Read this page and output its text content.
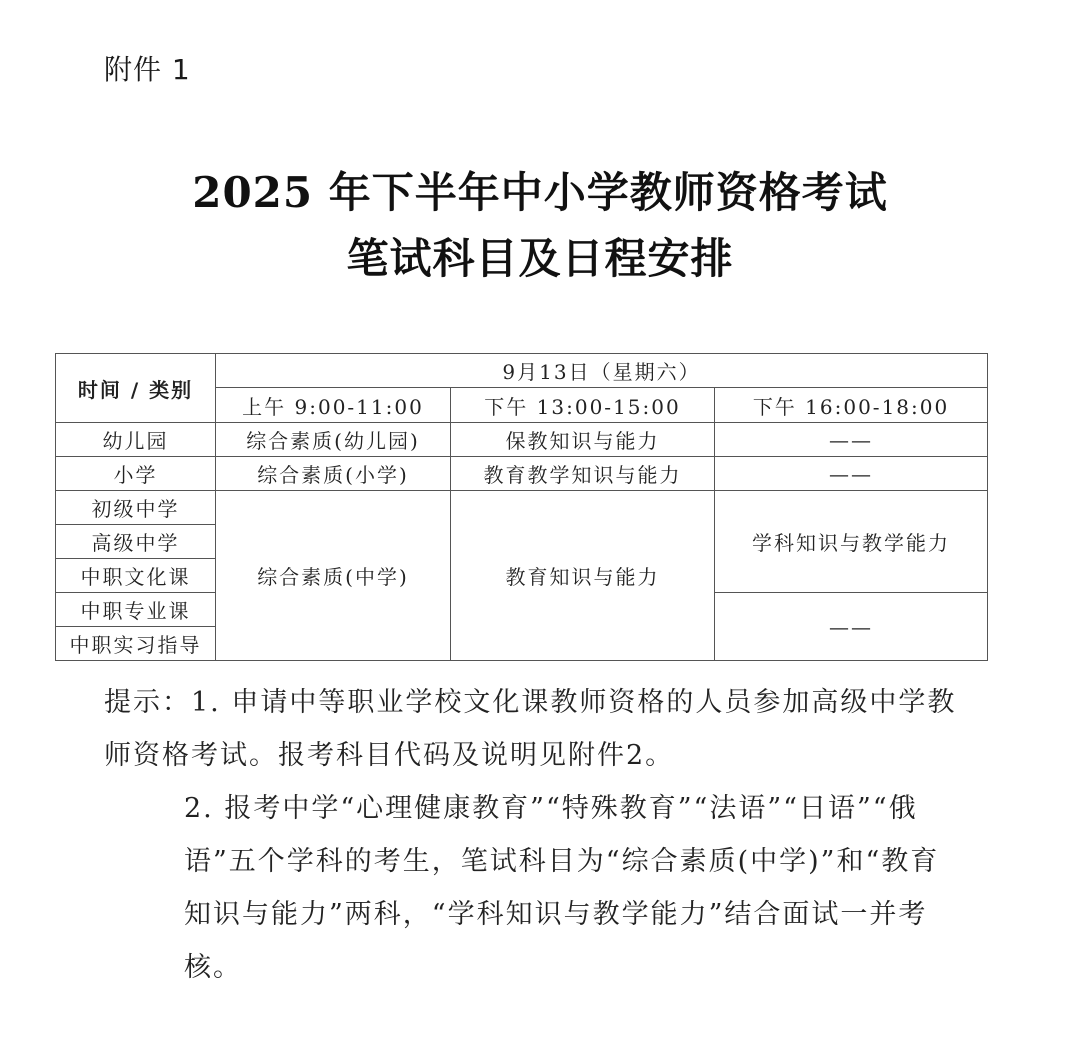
附件 1
2025 年下半年中小学教师资格考试
笔试科目及日程安排
时间 / 类别	9月13日（星期六）		
	上午 9:00-11:00	下午 13:00-15:00	下午 16:00-18:00
幼儿园	综合素质(幼儿园)	保教知识与能力	——
小学	综合素质(小学)	教育教学知识与能力	——
初级中学	综合素质(中学)	教育知识与能力	学科知识与教学能力
高级中学			
中职文化课			
中职专业课			——
中职实习指导			

提示：1. 申请中等职业学校文化课教师资格的人员参加高级中学教师资格考试。报考科目代码及说明见附件2。

2. 报考中学“心理健康教育”“特殊教育”“法语”“日语”“俄语”五个学科的考生，笔试科目为“综合素质(中学)”和“教育知识与能力”两科，“学科知识与教学能力”结合面试一并考核。
